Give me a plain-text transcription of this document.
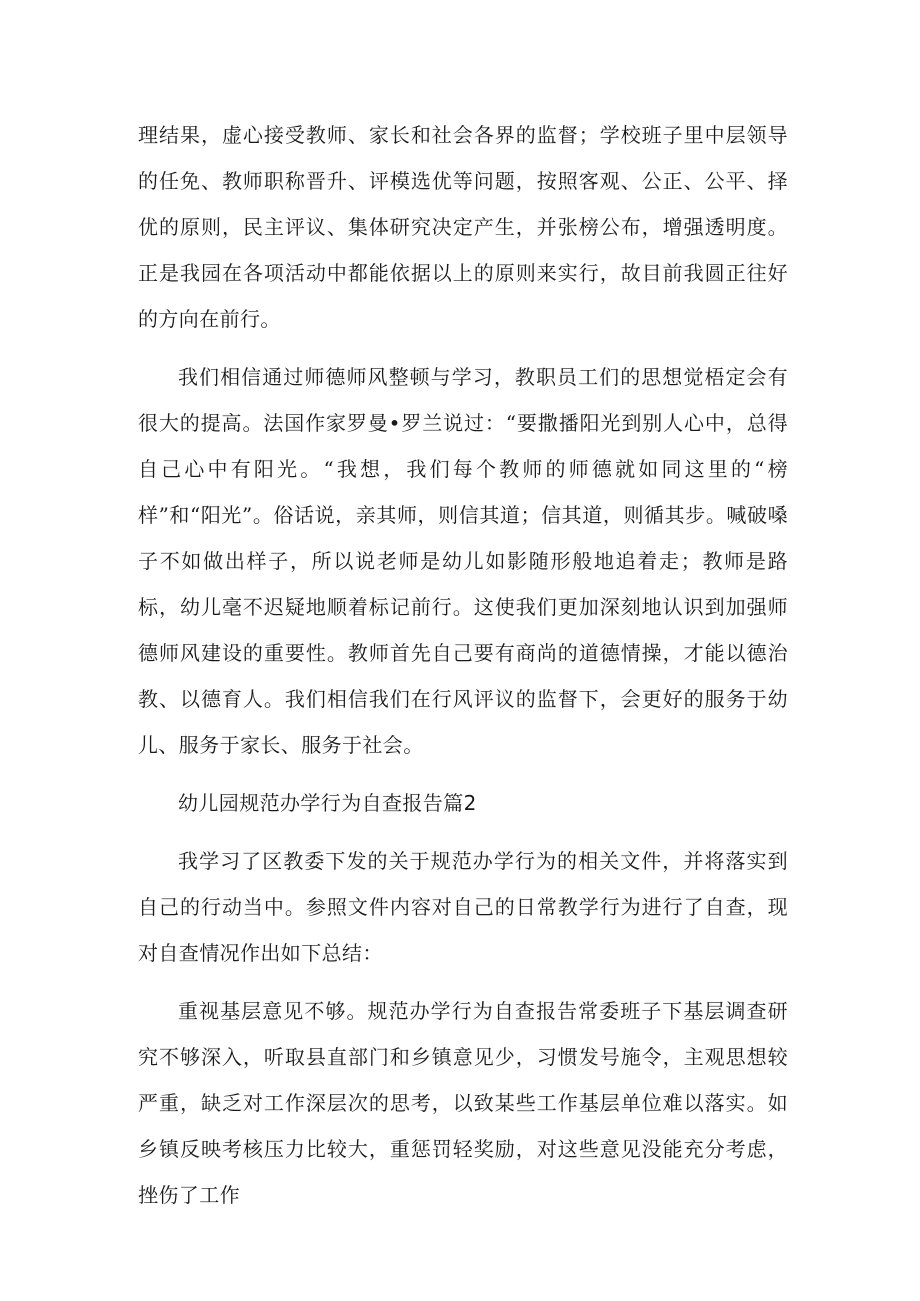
理结果，虚心接受教师、家长和社会各界的监督；学校班子里中层领导的任免、教师职称晋升、评模选优等问题，按照客观、公正、公平、择优的原则，民主评议、集体研究决定产生，并张榜公布，增强透明度。正是我园在各项活动中都能依据以上的原则来实行，故目前我圆正往好的方向在前行。

我们相信通过师德师风整顿与学习，教职员工们的思想觉梧定会有很大的提高。法国作家罗曼•罗兰说过：“要撒播阳光到别人心中，总得自己心中有阳光。“我想，我们每个教师的师德就如同这里的“榜样”和“阳光”。俗话说，亲其师，则信其道；信其道，则循其步。喊破嗓子不如做出样子，所以说老师是幼儿如影随形般地追着走；教师是路标，幼儿毫不迟疑地顺着标记前行。这使我们更加深刻地认识到加强师德师风建设的重要性。教师首先自己要有商尚的道德情操，才能以德治教、以德育人。我们相信我们在行风评议的监督下，会更好的服务于幼儿、服务于家长、服务于社会。

幼儿园规范办学行为自查报告篇2

我学习了区教委下发的关于规范办学行为的相关文件，并将落实到自己的行动当中。参照文件内容对自己的日常教学行为进行了自查，现对自查情况作出如下总结：

重视基层意见不够。规范办学行为自查报告常委班子下基层调查研究不够深入，听取县直部门和乡镇意见少，习惯发号施令，主观思想较严重，缺乏对工作深层次的思考，以致某些工作基层单位难以落实。如乡镇反映考核压力比较大，重惩罚轻奖励，对这些意见没能充分考虑，挫伤了工作
